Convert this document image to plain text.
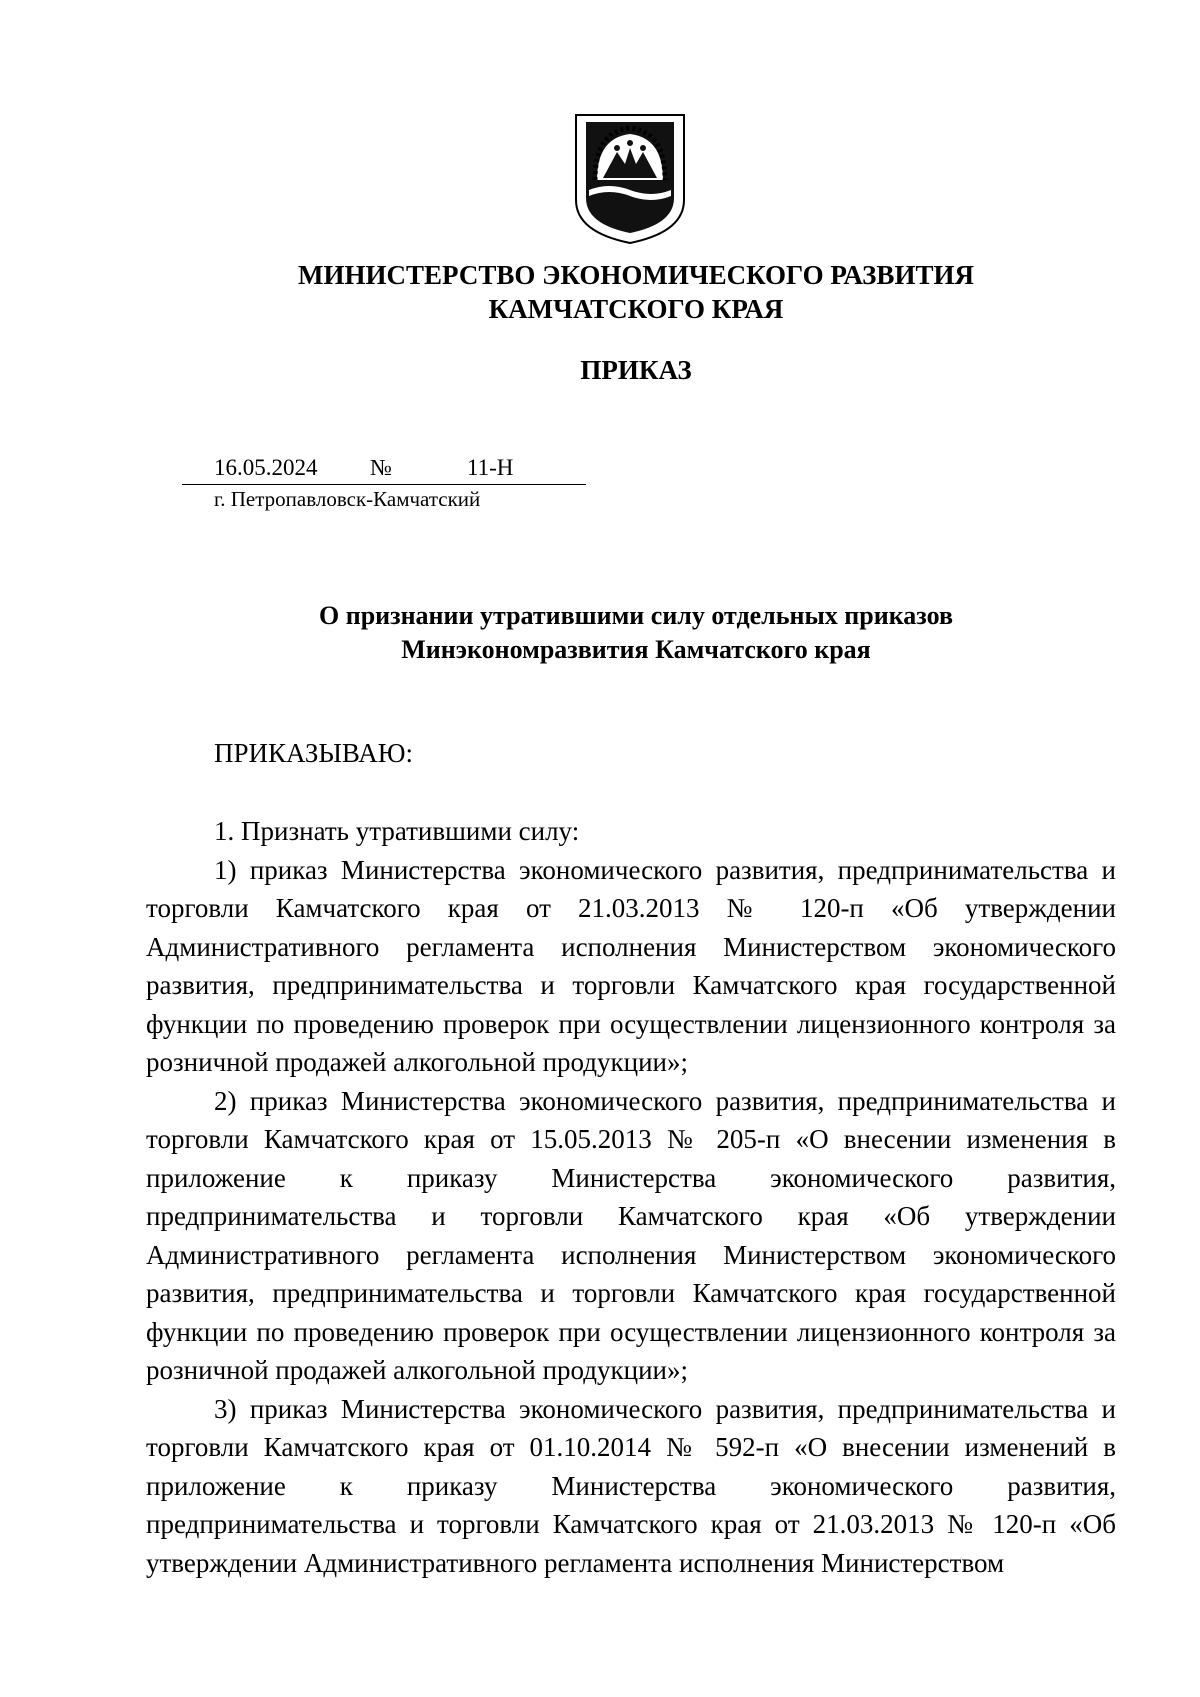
МИНИСТЕРСТВО ЭКОНОМИЧЕСКОГО РАЗВИТИЯ
КАМЧАТСКОГО КРАЯ
ПРИКАЗ
16.05.2024 №	11-Н
г. Петропавловск-Камчатский
О признании утратившими силу отдельных приказов
Минэкономразвития Камчатского края
ПРИКАЗЫВАЮ:

1. Признать утратившими силу:

1) приказ Министерства экономического развития, предпринимательства и торговли Камчатского края от 21.03.2013 № 120-п «Об утверждении Административного регламента исполнения Министерством экономического развития, предпринимательства и торговли Камчатского края государственной функции по проведению проверок при осуществлении лицензионного контроля за розничной продажей алкогольной продукции»;

2) приказ Министерства экономического развития, предпринимательства и торговли Камчатского края от 15.05.2013 № 205-п «О внесении изменения в приложение к приказу Министерства экономического развития, предпринимательства и торговли Камчатского края «Об утверждении Административного регламента исполнения Министерством экономического развития, предпринимательства и торговли Камчатского края государственной функции по проведению проверок при осуществлении лицензионного контроля за розничной продажей алкогольной продукции»;

3) приказ Министерства экономического развития, предпринимательства и торговли Камчатского края от 01.10.2014 № 592-п «О внесении изменений в приложение к приказу Министерства экономического развития, предпринимательства и торговли Камчатского края от 21.03.2013 № 120-п «Об утверждении Административного регламента исполнения Министерством
